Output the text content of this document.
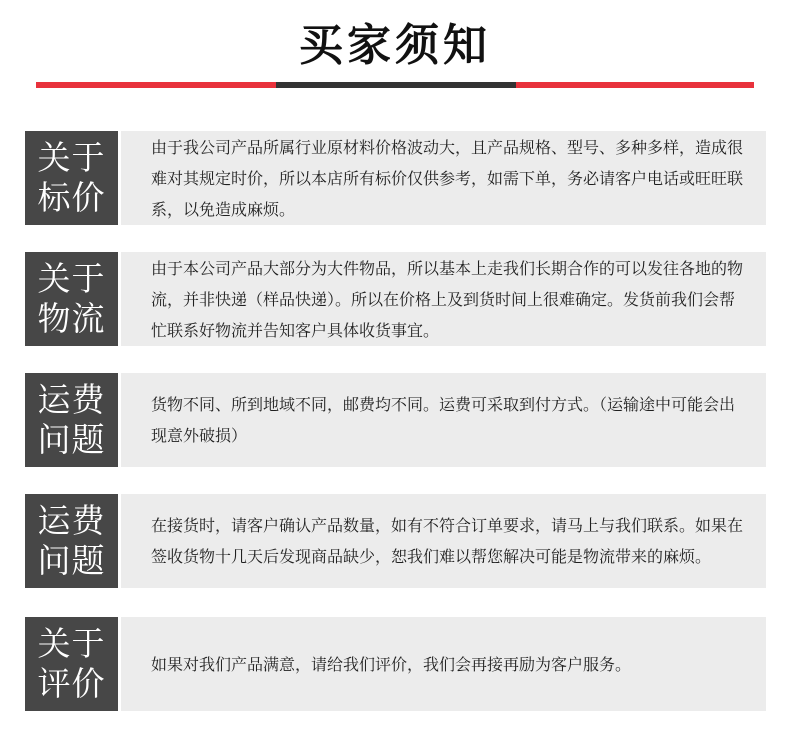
买家须知
关于标价
由于我公司产品所属行业原材料价格波动大，且产品规格、型号、多种多样，造成很难对其规定时价，所以本店所有标价仅供参考，如需下单，务必请客户电话或旺旺联系，以免造成麻烦。
关于物流
由于本公司产品大部分为大件物品，所以基本上走我们长期合作的可以发往各地的物流，并非快递（样品快递）。所以在价格上及到货时间上很难确定。发货前我们会帮忙联系好物流并告知客户具体收货事宜。
运费问题
货物不同、所到地域不同，邮费均不同。运费可采取到付方式。（运输途中可能会出现意外破损）
运费问题
在接货时，请客户确认产品数量，如有不符合订单要求，请马上与我们联系。如果在签收货物十几天后发现商品缺少，恕我们难以帮您解决可能是物流带来的麻烦。
关于评价	如果对我们产品满意，请给我们评价，我们会再接再励为客户服务。
